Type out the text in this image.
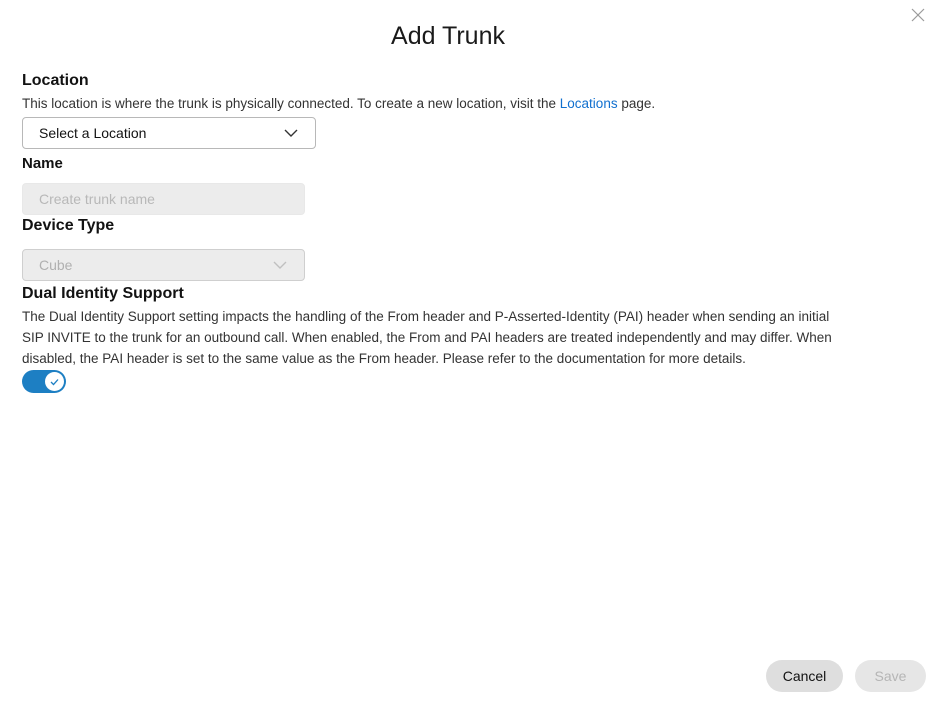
Add Trunk
Location
This location is where the trunk is physically connected. To create a new location, visit the Locations page.
Select a Location
Name
Create trunk name
Device Type
Cube
Dual Identity Support
The Dual Identity Support setting impacts the handling of the From header and P-Asserted-Identity (PAI) header when sending an initial
SIP INVITE to the trunk for an outbound call. When enabled, the From and PAI headers are treated independently and may differ. When
disabled, the PAI header is set to the same value as the From header. Please refer to the documentation for more details.
Cancel	Save
